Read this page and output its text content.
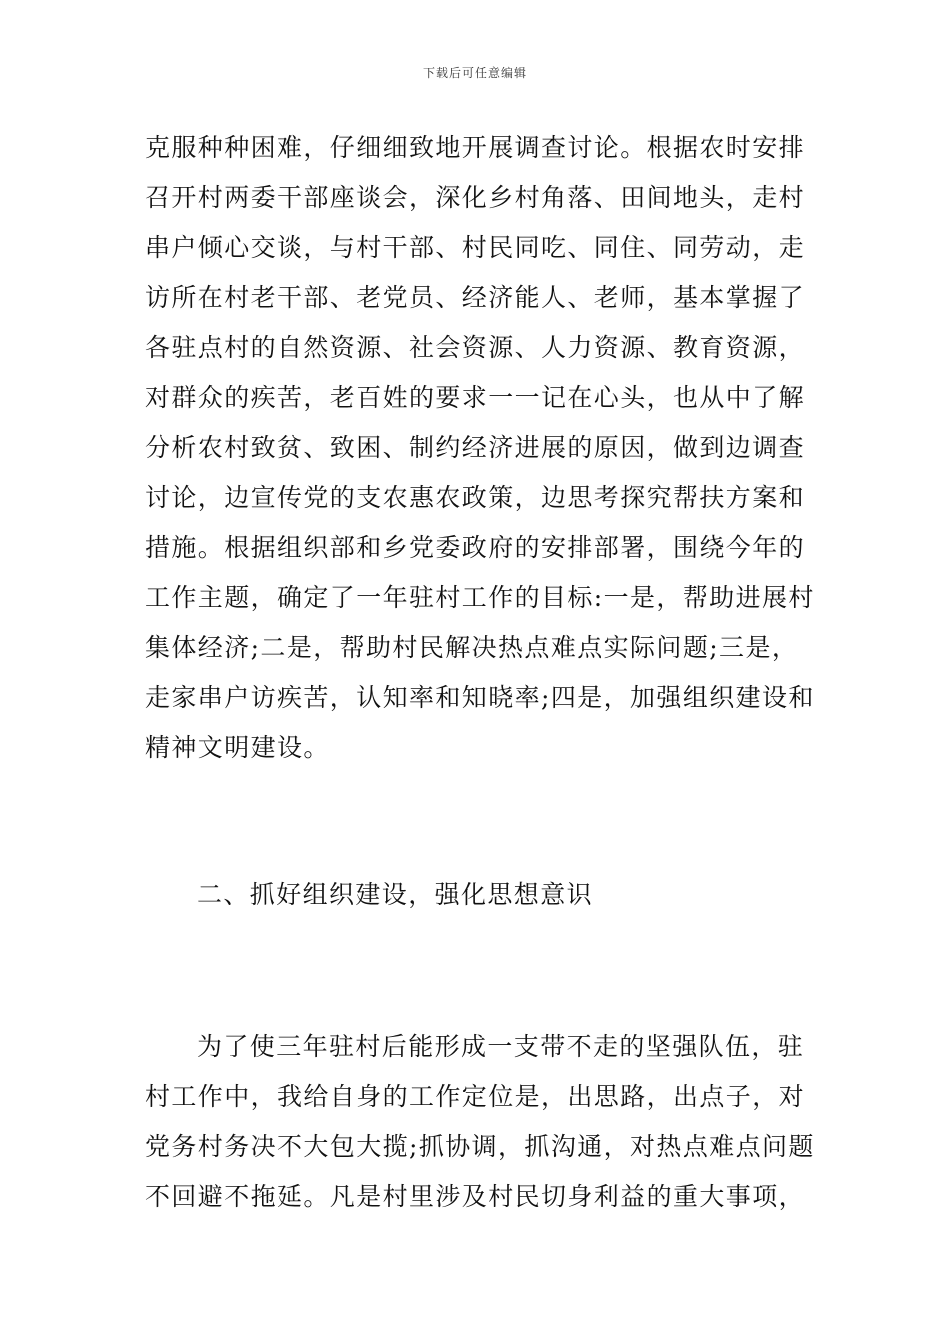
下载后可任意编辑
克服种种困难，仔细细致地开展调查讨论。根据农时安排
召开村两委干部座谈会，深化乡村角落、田间地头，走村
串户倾心交谈，与村干部、村民同吃、同住、同劳动，走
访所在村老干部、老党员、经济能人、老师，基本掌握了
各驻点村的自然资源、社会资源、人力资源、教育资源，
对群众的疾苦，老百姓的要求一一记在心头，也从中了解
分析农村致贫、致困、制约经济进展的原因，做到边调查
讨论，边宣传党的支农惠农政策，边思考探究帮扶方案和
措施。根据组织部和乡党委政府的安排部署，围绕今年的
工作主题，确定了一年驻村工作的目标:一是，帮助进展村
集体经济;二是，帮助村民解决热点难点实际问题;三是，
走家串户访疾苦，认知率和知晓率;四是，加强组织建设和
精神文明建设。
二、抓好组织建设，强化思想意识
为了使三年驻村后能形成一支带不走的坚强队伍，驻
村工作中，我给自身的工作定位是，出思路，出点子，对
党务村务决不大包大揽;抓协调，抓沟通，对热点难点问题
不回避不拖延。凡是村里涉及村民切身利益的重大事项，
